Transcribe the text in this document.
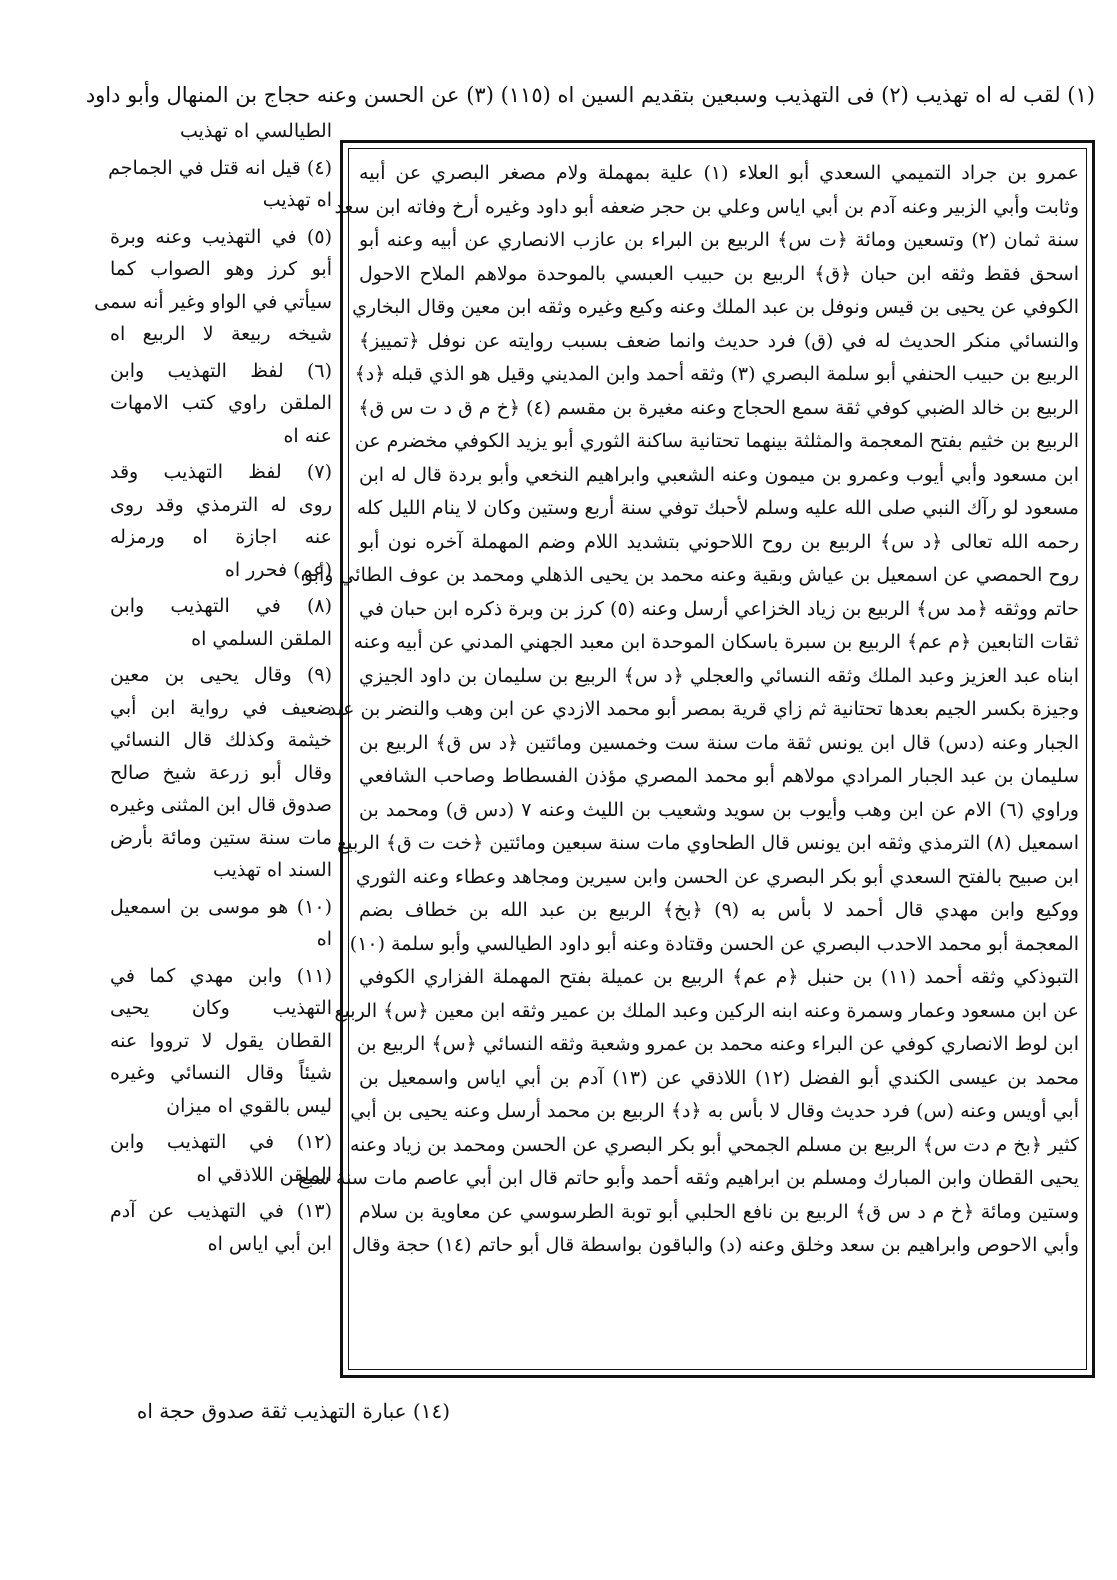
(١) لقب له اه تهذيب (٢) فى التهذيب وسبعين بتقديم السين اه (١١٥) (٣) عن الحسن وعنه حجاج بن المنهال وأبو داود
الطيالسي اه تهذيب
(٤) قيل انه قتل في الجماجم
اه تهذيب
(٥) في التهذيب وعنه وبرة
أبو كرز وهو الصواب كما
سيأتي في الواو وغير أنه سمى
شيخه ربيعة لا الربيع اه
(٦) لفظ التهذيب وابن
الملقن راوي كتب الامهات
عنه اه
(٧) لفظ التهذيب وقد
روى له الترمذي وقد روى
عنه اجازة اه ورمزله
(عم) فحرر اه
(٨) في التهذيب وابن
الملقن السلمي اه
(٩) وقال يحيى بن معين
ضعيف في رواية ابن أبي
خيثمة وكذلك قال النسائي
وقال أبو زرعة شيخ صالح
صدوق قال ابن المثنى وغيره
مات سنة ستين ومائة بأرض
السند اه تهذيب
(١٠) هو موسى بن اسمعيل
اه
(١١) وابن مهدي كما في
التهذيب وكان يحيى
القطان يقول لا ترووا عنه
شيئاً وقال النسائي وغيره
ليس بالقوي اه ميزان
(١٢) في التهذيب وابن
الملقن اللاذقي اه
(١٣) في التهذيب عن آدم
ابن أبي اياس اه
عمرو بن جراد التميمي السعدي أبو العلاء (١) علية بمهملة ولام مصغر البصري عن أبيه
وثابت وأبي الزبير وعنه آدم بن أبي اياس وعلي بن حجر ضعفه أبو داود وغيره أرخ وفاته ابن سعد
سنة ثمان (٢) وتسعين ومائة ﴿ت س﴾ الربيع بن البراء بن عازب الانصاري عن أبيه وعنه أبو
اسحق فقط وثقه ابن حبان ﴿ق﴾ الربيع بن حبيب العبسي بالموحدة مولاهم الملاح الاحول
الكوفي عن يحيى بن قيس ونوفل بن عبد الملك وعنه وكيع وغيره وثقه ابن معين وقال البخاري
والنسائي منكر الحديث له في (ق) فرد حديث وانما ضعف بسبب روايته عن نوفل ﴿تمييز﴾
الربيع بن حبيب الحنفي أبو سلمة البصري (٣) وثقه أحمد وابن المديني وقيل هو الذي قبله ﴿د﴾
الربيع بن خالد الضبي كوفي ثقة سمع الحجاج وعنه مغيرة بن مقسم (٤) ﴿خ م ق د ت س ق﴾
الربيع بن خثيم بفتح المعجمة والمثلثة بينهما تحتانية ساكنة الثوري أبو يزيد الكوفي مخضرم عن
ابن مسعود وأبي أيوب وعمرو بن ميمون وعنه الشعبي وابراهيم النخعي وأبو بردة قال له ابن
مسعود لو رآك النبي صلى الله عليه وسلم لأحبك توفي سنة أربع وستين وكان لا ينام الليل كله
رحمه الله تعالى ﴿د س﴾ الربيع بن روح اللاحوني بتشديد اللام وضم المهملة آخره نون أبو
روح الحمصي عن اسمعيل بن عياش وبقية وعنه محمد بن يحيى الذهلي ومحمد بن عوف الطائي وأبو
حاتم ووثقه ﴿مد س﴾ الربيع بن زياد الخزاعي أرسل وعنه (٥) كرز بن وبرة ذكره ابن حبان في
ثقات التابعين ﴿م عم﴾ الربيع بن سبرة باسكان الموحدة ابن معبد الجهني المدني عن أبيه وعنه
ابناه عبد العزيز وعبد الملك وثقه النسائي والعجلي ﴿د س﴾ الربيع بن سليمان بن داود الجيزي
وجيزة بكسر الجيم بعدها تحتانية ثم زاي قرية بمصر أبو محمد الازدي عن ابن وهب والنضر بن عبد
الجبار وعنه (دس) قال ابن يونس ثقة مات سنة ست وخمسين ومائتين ﴿د س ق﴾ الربيع بن
سليمان بن عبد الجبار المرادي مولاهم أبو محمد المصري مؤذن الفسطاط وصاحب الشافعي
وراوي (٦) الام عن ابن وهب وأيوب بن سويد وشعيب بن الليث وعنه ٧ (دس ق) ومحمد بن
اسمعيل (٨) الترمذي وثقه ابن يونس قال الطحاوي مات سنة سبعين ومائتين ﴿خت ت ق﴾ الربيع
ابن صبيح بالفتح السعدي أبو بكر البصري عن الحسن وابن سيرين ومجاهد وعطاء وعنه الثوري
ووكيع وابن مهدي قال أحمد لا بأس به (٩) ﴿بخ﴾ الربيع بن عبد الله بن خطاف بضم
المعجمة أبو محمد الاحدب البصري عن الحسن وقتادة وعنه أبو داود الطيالسي وأبو سلمة (١٠)
التبوذكي وثقه أحمد (١١) بن حنبل ﴿م عم﴾ الربيع بن عميلة بفتح المهملة الفزاري الكوفي
عن ابن مسعود وعمار وسمرة وعنه ابنه الركين وعبد الملك بن عمير وثقه ابن معين ﴿س﴾ الربيع
ابن لوط الانصاري كوفي عن البراء وعنه محمد بن عمرو وشعبة وثقه النسائي ﴿س﴾ الربيع بن
محمد بن عيسى الكندي أبو الفضل (١٢) اللاذقي عن (١٣) آدم بن أبي اياس واسمعيل بن
أبي أويس وعنه (س) فرد حديث وقال لا بأس به ﴿د﴾ الربيع بن محمد أرسل وعنه يحيى بن أبي
كثير ﴿بخ م دت س﴾ الربيع بن مسلم الجمحي أبو بكر البصري عن الحسن ومحمد بن زياد وعنه
يحيى القطان وابن المبارك ومسلم بن ابراهيم وثقه أحمد وأبو حاتم قال ابن أبي عاصم مات سنة سبع
وستين ومائة ﴿خ م د س ق﴾ الربيع بن نافع الحلبي أبو توبة الطرسوسي عن معاوية بن سلام
وأبي الاحوص وابراهيم بن سعد وخلق وعنه (د) والباقون بواسطة قال أبو حاتم (١٤) حجة وقال
(١٤) عبارة التهذيب ثقة صدوق حجة اه
